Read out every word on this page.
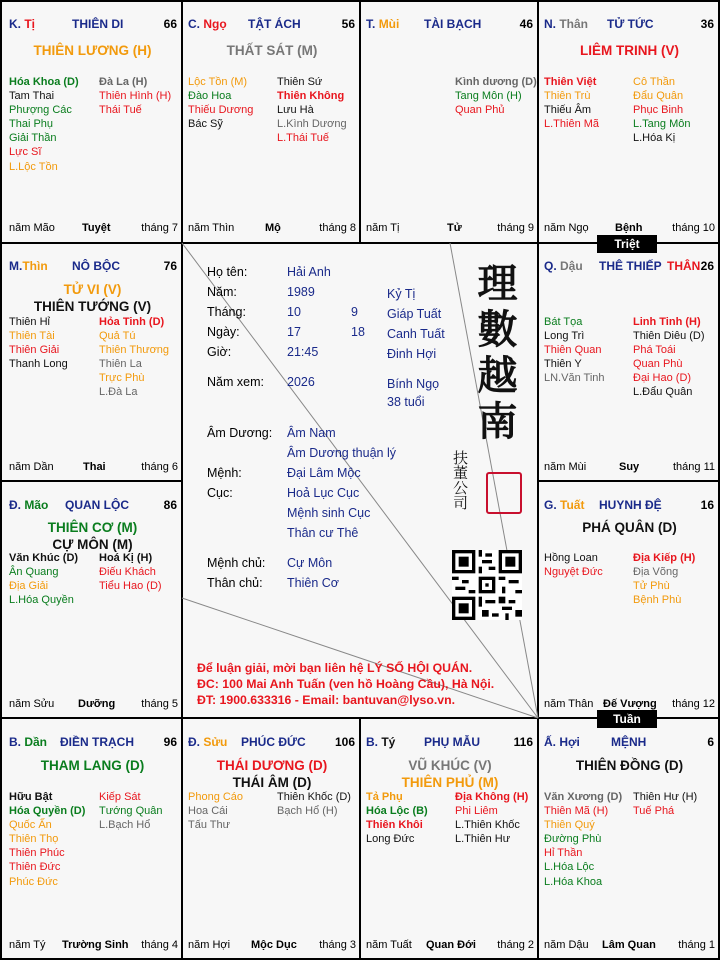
Triệt
Tuần
K. Tị	THIÊN DI	66
THIÊN LƯƠNG (H)
Hóa Khoa (D)
Tam Thai
Phượng Các
Thai Phụ
Giải Thần
Lực Sĩ
L.Lộc Tồn
Đà La (H)
Thiên Hình (H)
Thái Tuế
năm Mão Tuyệt	tháng 7
C. Ngọ TẬT ÁCH	56
THẤT SÁT (M)
Lộc Tồn (M)
Đào Hoa
Thiếu Dương
Bác Sỹ
Thiên Sứ
Thiên Không
Lưu Hà
L.Kình Dương
L.Thái Tuế
năm Thìn	Mộ	tháng 8
T. Mùi TÀI BẠCH	46
Kình dương (D)
Tang Môn (H)
Quan Phủ
năm Tị	Tử	tháng 9
N. Thân TỬ TỨC	36
LIÊM TRINH (V)
Thiên Việt
Thiên Trù
Thiếu Âm
L.Thiên Mã
Cô Thần
Đẩu Quân
Phục Binh
L.Tang Môn
L.Hóa Kị
năm Ngọ Bệnh	tháng 10
M.Thìn NÔ BỘC	76
TỬ VI (V)
THIÊN TƯỚNG (V)
Thiên Hỉ
Thiên Tài
Thiên Giải
Thanh Long
Hỏa Tinh (D)
Quả Tú
Thiên Thương
Thiên La
Trực Phù
L.Đà La
năm Dần	Thai	tháng 6
Q. Dậu THÊ THIẾP THÂN 26
Bát Tọa
Long Trì
Thiên Quan
Thiên Y
LN.Văn Tinh
Linh Tinh (H)
Thiên Diêu (D)
Phá Toái
Quan Phù
Đại Hao (D)
L.Đẩu Quân
năm Mùi	Suy	tháng 11
Đ. Mão QUAN LỘC	86
THIÊN CƠ (M)
CỰ MÔN (M)
Văn Khúc (D)
Ân Quang
Địa Giải
L.Hóa Quyền
Hoá Kị (H)
Điếu Khách
Tiểu Hao (D)
năm Sửu Dưỡng tháng 5
G. Tuất HUYNH ĐỆ	16
PHÁ QUÂN (D)
Hồng Loan
Nguyệt Đức
Địa Kiếp (H)
Địa Võng
Tử Phù
Bệnh Phù
năm Thân Đế Vượng tháng 12
B. Dần ĐIỀN TRẠCH 96
THAM LANG (D)
Hữu Bật
Hóa Quyền (D)
Quốc Ấn
Thiên Thọ
Thiên Phúc
Thiên Đức
Phúc Đức
Kiếp Sát
Tướng Quân
L.Bạch Hổ
năm Tý Trường Sinh tháng 4
Đ. Sửu PHÚC ĐỨC 106
THÁI DƯƠNG (D)
THÁI ÂM (D)
Phong Cáo
Hoa Cái
Tấu Thư
Thiên Khốc (D)
Bạch Hổ (H)
năm Hợi Mộc Dục tháng 3
B. Tý PHỤ MẪU	116
VŨ KHÚC (V)
THIÊN PHỦ (M)
Tả Phụ
Hóa Lộc (B)
Thiên Khôi
Long Đức
Địa Không (H)
Phi Liêm
L.Thiên Khốc
L.Thiên Hư
năm Tuất Quan Đới tháng 2
Ấ. Hợi	MỆNH	6
THIÊN ĐỒNG (D)
Văn Xương (D)
Thiên Mã (H)
Thiên Quý
Đường Phù
Hỉ Thần
L.Hóa Lộc
L.Hóa Khoa
Thiên Hư (H)
Tuế Phá
năm Dậu Lâm Quan tháng 1
Họ tên:	Hải Anh
Năm:	1989	Kỷ Tị
Tháng:	10	9 Giáp Tuất
Ngày:	17	18 Canh Tuất
Giờ:	21:45	Đinh Hợi
Năm xem: 2026	Bính Ngọ
38 tuổi
Âm Dương: Âm Nam
Âm Dương thuận lý
Mệnh:	Đại Lâm Mộc
Cục:	Hoả Lục Cục
Mệnh sinh Cục
Thân cư Thê
Mệnh chủ: Cự Môn
Thân chủ: Thiên Cơ
理數越南
扶董公司
Để luận giải, mời bạn liên hệ LÝ SỐ HỘI QUÁN.
ĐC: 100 Mai Anh Tuấn (ven hồ Hoàng Cầu), Hà Nội.
ĐT: 1900.633316 - Email: bantuvan@lyso.vn.
